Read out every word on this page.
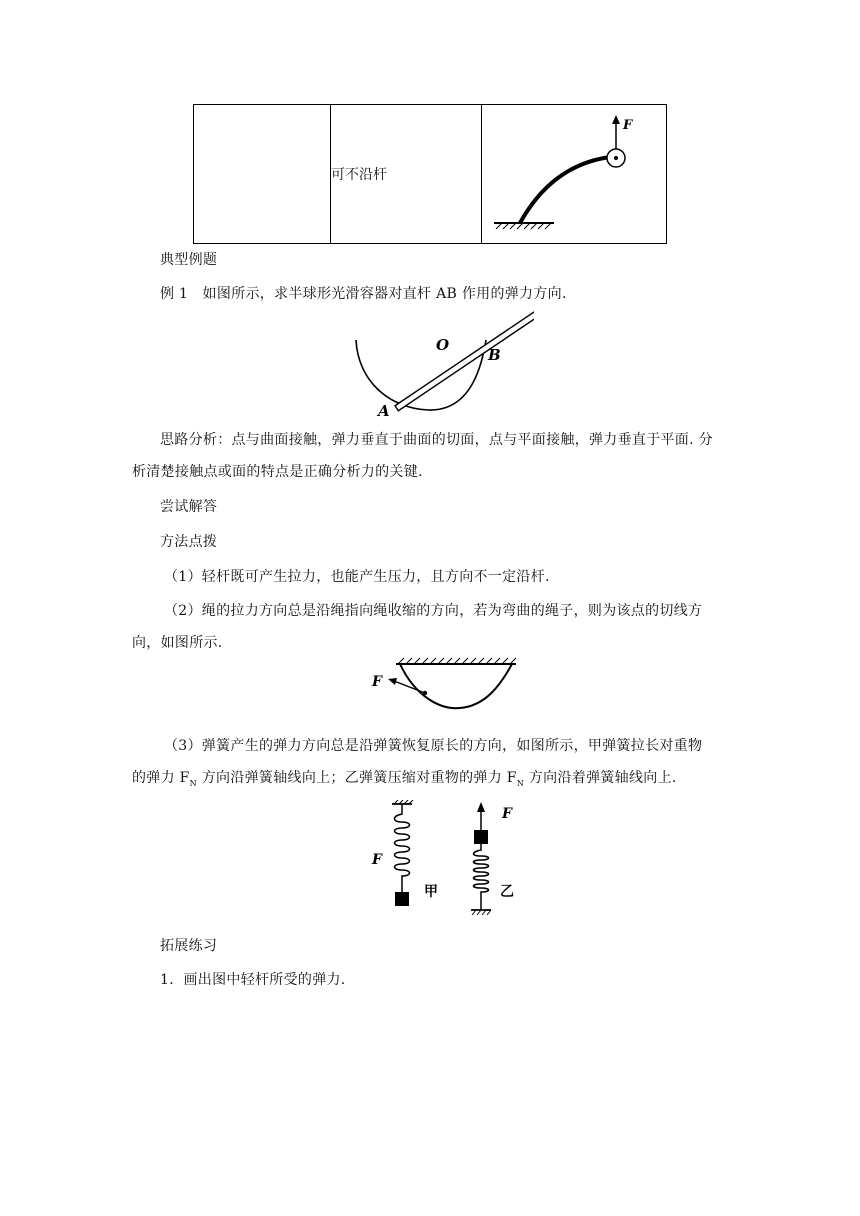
	可不沿杆	
F
典型例题
例 1　如图所示，求半球形光滑容器对直杆 AB 作用的弹力方向.
O
B
A
思路分析：点与曲面接触，弹力垂直于曲面的切面，点与平面接触，弹力垂直于平面. 分
析清楚接触点或面的特点是正确分析力的关键.
尝试解答
方法点拨
（1）轻杆既可产生拉力，也能产生压力，且方向不一定沿杆.
（2）绳的拉力方向总是沿绳指向绳收缩的方向，若为弯曲的绳子，则为该点的切线方
向，如图所示.
F
（3）弹簧产生的弹力方向总是沿弹簧恢复原长的方向，如图所示，甲弹簧拉长对重物
的弹力 $F_N$ 方向沿弹簧轴线向上；乙弹簧压缩对重物的弹力 $F_N$ 方向沿着弹簧轴线向上.
F
甲
F
乙
拓展练习
1．画出图中轻杆所受的弹力.
